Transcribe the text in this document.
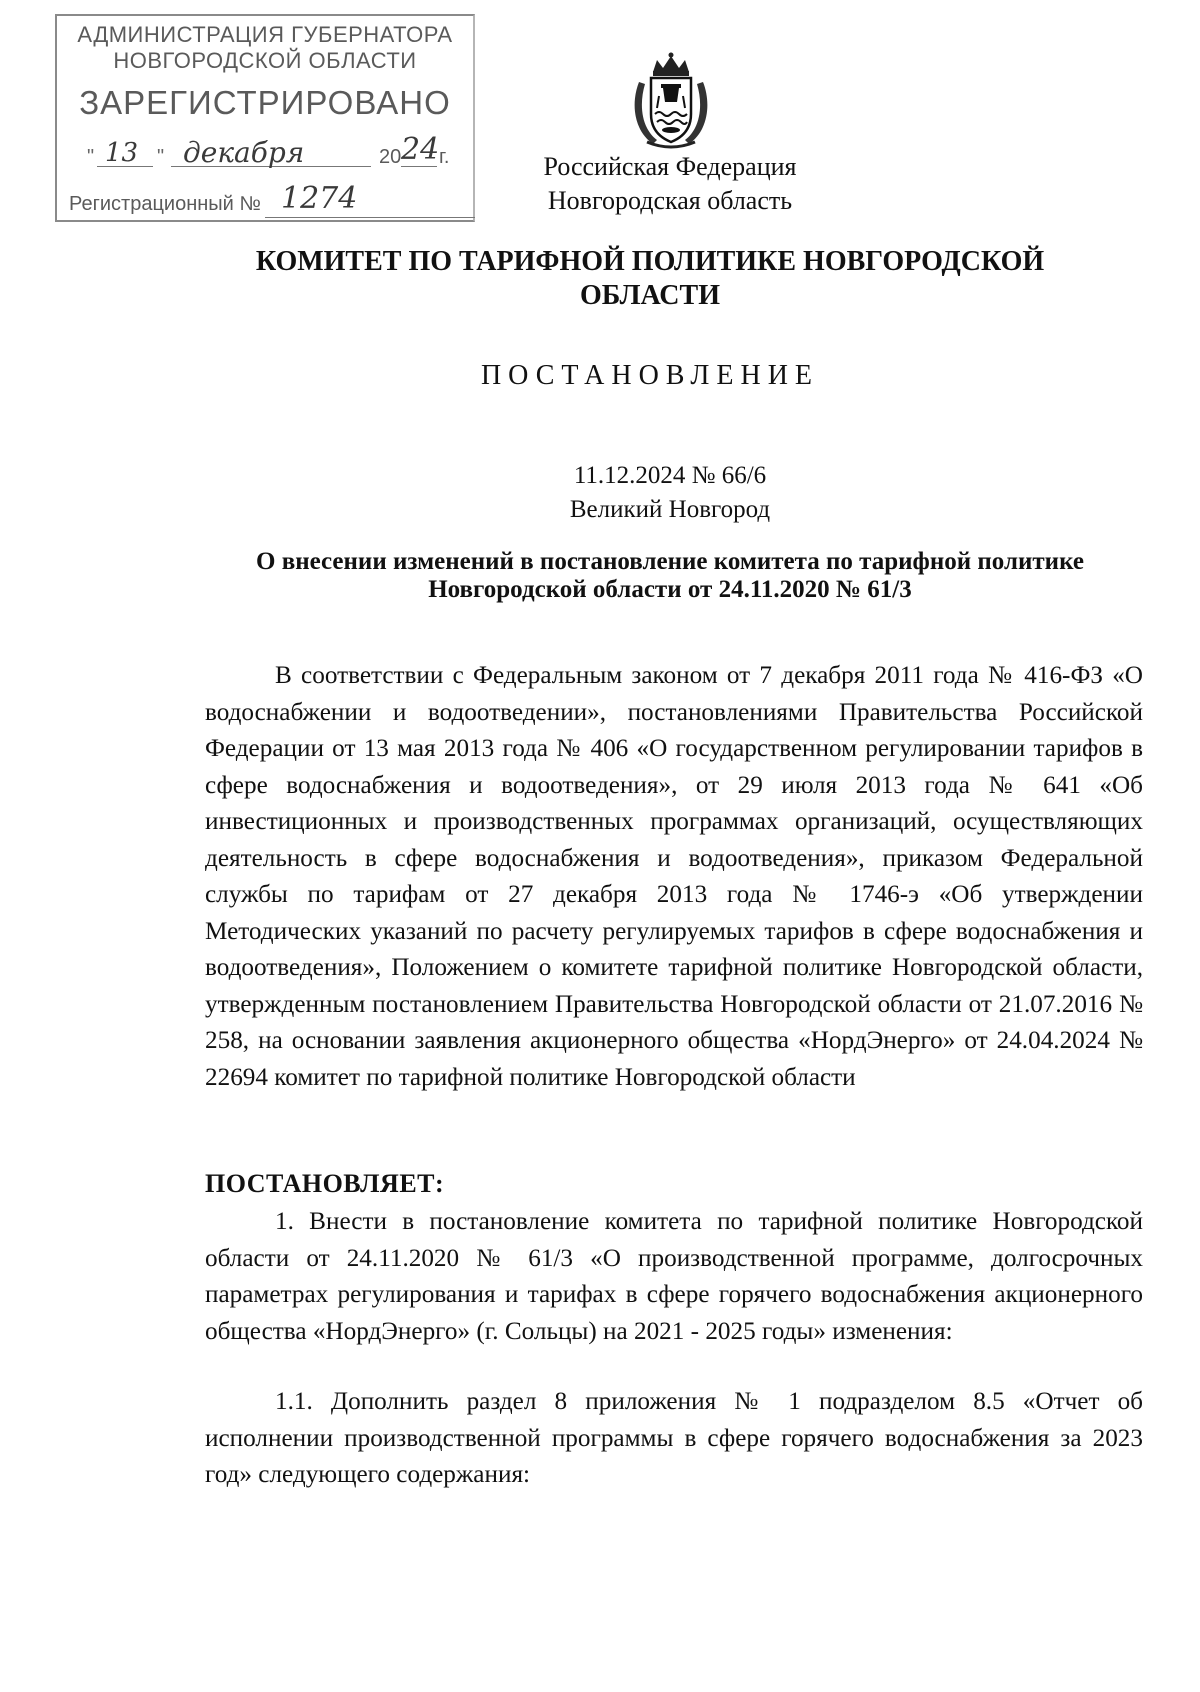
АДМИНИСТРАЦИЯ ГУБЕРНАТОРА
НОВГОРОДСКОЙ ОБЛАСТИ
ЗАРЕГИСТРИРОВАНО
" 13 " декабря	20 24 г.
Регистрационный № 1274
Российская Федерация
Новгородская область
КОМИТЕТ ПО ТАРИФНОЙ ПОЛИТИКЕ НОВГОРОДСКОЙ ОБЛАСТИ
ПОСТАНОВЛЕНИЕ
11.12.2024 № 66/6
Великий Новгород
О внесении изменений в постановление комитета по тарифной политике
Новгородской области от 24.11.2020 № 61/3

В соответствии с Федеральным законом от 7 декабря 2011 года № 416-ФЗ «О водоснабжении и водоотведении», постановлениями Правительства Российской Федерации от 13 мая 2013 года № 406 «О государственном регулировании тарифов в сфере водоснабжения и водоотведения», от 29 июля 2013 года № 641 «Об инвестиционных и производственных программах организаций, осуществляющих деятельность в сфере водоснабжения и водоотведения», приказом Федеральной службы по тарифам от 27 декабря 2013 года № 1746-э «Об утверждении Методических указаний по расчету регулируемых тарифов в сфере водоснабжения и водоотведения», Положением о комитете тарифной политике Новгородской области, утвержденным постановлением Правительства Новгородской области от 21.07.2016 № 258, на основании заявления акционерного общества «НордЭнерго» от 24.04.2024 № 22694 комитет по тарифной политике Новгородской области

ПОСТАНОВЛЯЕТ:

1. Внести в постановление комитета по тарифной политике Новгородской области от 24.11.2020 № 61/3 «О производственной программе, долгосрочных параметрах регулирования и тарифах в сфере горячего водоснабжения акционерного общества «НордЭнерго» (г. Сольцы) на 2021 - 2025 годы» изменения:

1.1. Дополнить раздел 8 приложения № 1 подразделом 8.5 «Отчет об исполнении производственной программы в сфере горячего водоснабжения за 2023 год» следующего содержания:
